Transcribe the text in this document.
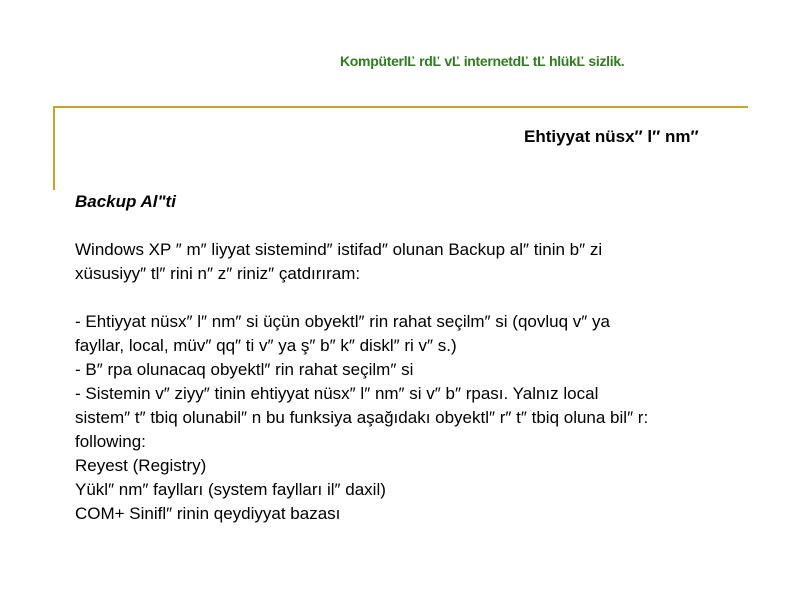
KompüterlĽ rdĽ vĽ internetdĽ tĽ hlükĽ sizlik.
Ehtiyyat nüsx″ l″ nm″
Backup Al"ti
Windows XP ″ m″ liyyat sistemind″ istifad″ olunan Backup al″ tinin b″ zi
xüsusiyy″ tl″ rini n″ z″ riniz″ çatdırıram:
- Ehtiyyat nüsx″ l″ nm″ si üçün obyektl″ rin rahat seçilm″ si (qovluq v″ ya
fayllar, local, müv″ qq″ ti v″ ya ş″ b″ k″ diskl″ ri v″ s.)
- B″ rpa olunacaq obyektl″ rin rahat seçilm″ si
- Sistemin v″ ziyy″ tinin ehtiyyat nüsx″ l″ nm″ si v″ b″ rpası. Yalnız local
sistem″ t″ tbiq olunabil″ n bu funksiya aşağıdakı obyektl″ r″ t″ tbiq oluna bil″ r:
following:
Reyest (Registry)
Yükl″ nm″ faylları (system faylları il″ daxil)
COM+ Sinifl″ rinin qeydiyyat bazası
